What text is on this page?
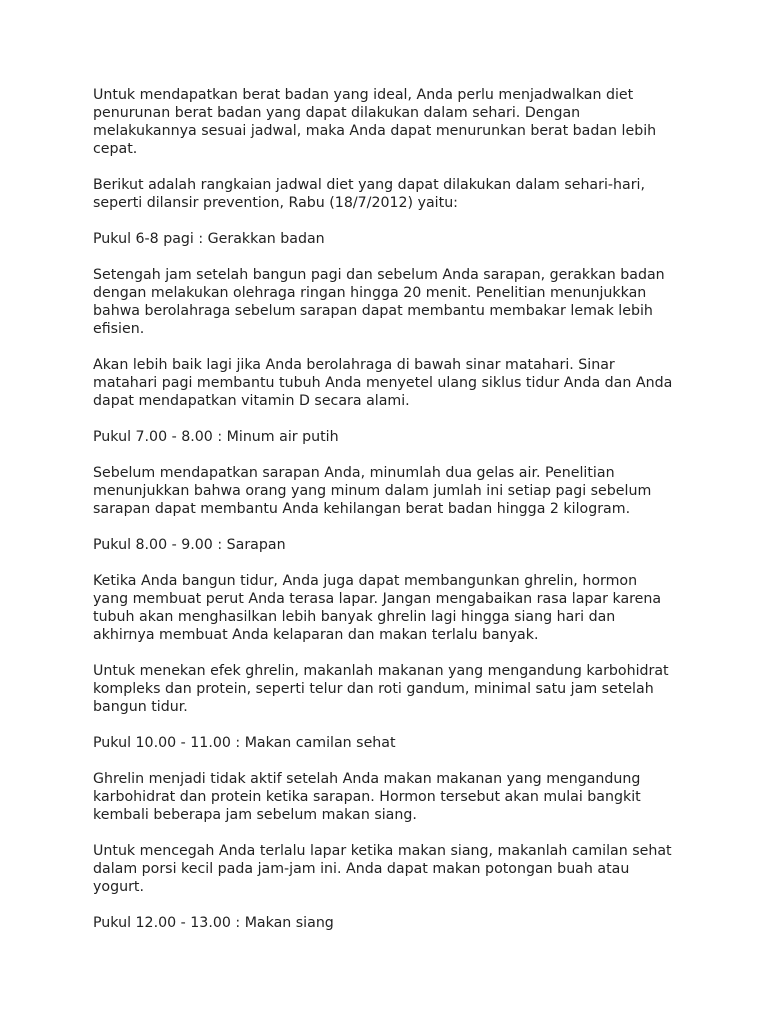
Untuk mendapatkan berat badan yang ideal, Anda perlu menjadwalkan diet
penurunan berat badan yang dapat dilakukan dalam sehari. Dengan
melakukannya sesuai jadwal, maka Anda dapat menurunkan berat badan lebih
cepat.

Berikut adalah rangkaian jadwal diet yang dapat dilakukan dalam sehari-hari,
seperti dilansir prevention, Rabu (18/7/2012) yaitu:

Pukul 6-8 pagi : Gerakkan badan

Setengah jam setelah bangun pagi dan sebelum Anda sarapan, gerakkan badan
dengan melakukan olehraga ringan hingga 20 menit. Penelitian menunjukkan
bahwa berolahraga sebelum sarapan dapat membantu membakar lemak lebih
efisien.

Akan lebih baik lagi jika Anda berolahraga di bawah sinar matahari. Sinar
matahari pagi membantu tubuh Anda menyetel ulang siklus tidur Anda dan Anda
dapat mendapatkan vitamin D secara alami.

Pukul 7.00 - 8.00 : Minum air putih

Sebelum mendapatkan sarapan Anda, minumlah dua gelas air. Penelitian
menunjukkan bahwa orang yang minum dalam jumlah ini setiap pagi sebelum
sarapan dapat membantu Anda kehilangan berat badan hingga 2 kilogram.

Pukul 8.00 - 9.00 : Sarapan

Ketika Anda bangun tidur, Anda juga dapat membangunkan ghrelin, hormon
yang membuat perut Anda terasa lapar. Jangan mengabaikan rasa lapar karena
tubuh akan menghasilkan lebih banyak ghrelin lagi hingga siang hari dan
akhirnya membuat Anda kelaparan dan makan terlalu banyak.

Untuk menekan efek ghrelin, makanlah makanan yang mengandung karbohidrat
kompleks dan protein, seperti telur dan roti gandum, minimal satu jam setelah
bangun tidur.

Pukul 10.00 - 11.00 : Makan camilan sehat

Ghrelin menjadi tidak aktif setelah Anda makan makanan yang mengandung
karbohidrat dan protein ketika sarapan. Hormon tersebut akan mulai bangkit
kembali beberapa jam sebelum makan siang.

Untuk mencegah Anda terlalu lapar ketika makan siang, makanlah camilan sehat
dalam porsi kecil pada jam-jam ini. Anda dapat makan potongan buah atau
yogurt.

Pukul 12.00 - 13.00 : Makan siang
